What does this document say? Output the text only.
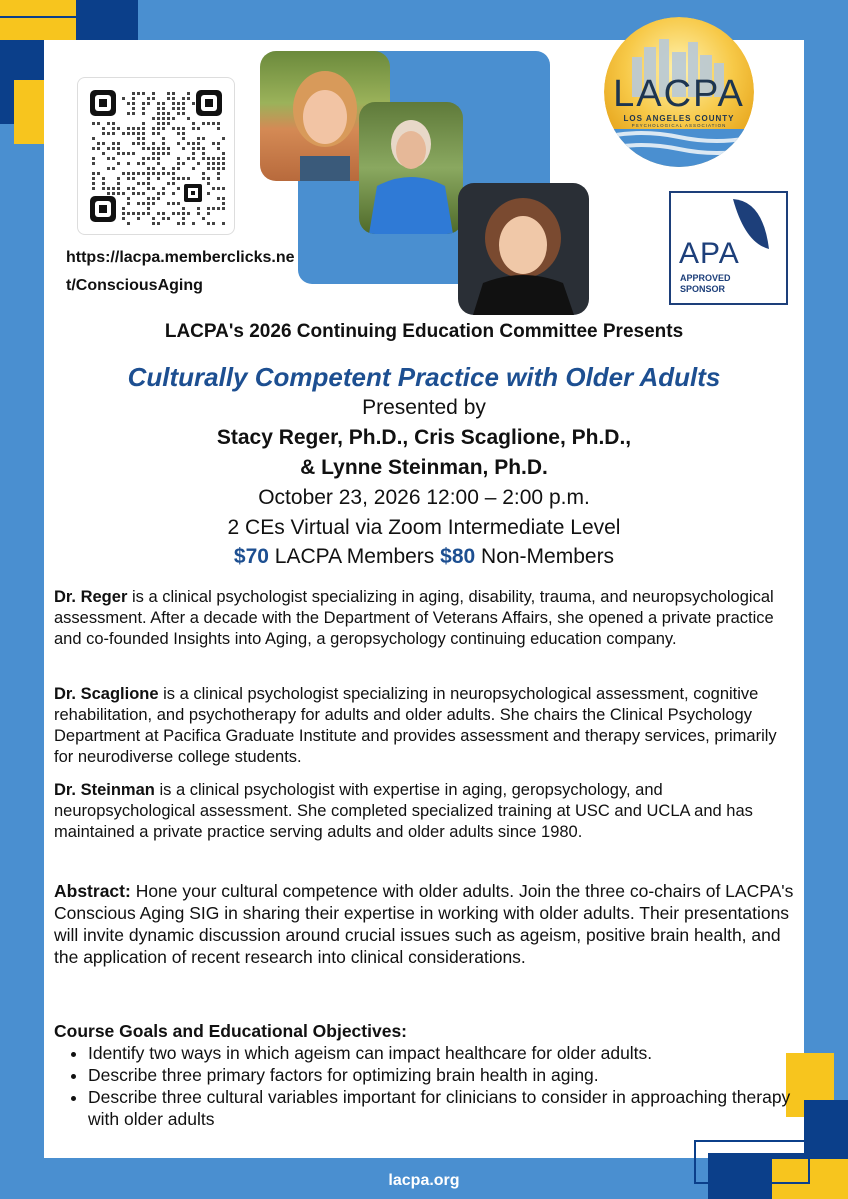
https://lacpa.memberclicks.net/ConsciousAging
LACPA
LOS ANGELES COUNTY
PSYCHOLOGICAL ASSOCIATION
APA
APPROVED
SPONSOR
LACPA's 2026 Continuing Education Committee Presents
Culturally Competent Practice with Older Adults
Presented by
Stacy Reger, Ph.D., Cris Scaglione, Ph.D.,
& Lynne Steinman, Ph.D.
October 23, 2026 12:00 – 2:00 p.m.
2 CEs Virtual via Zoom Intermediate Level
$70 LACPA Members $80 Non-Members
Dr. Reger is a clinical psychologist specializing in aging, disability, trauma, and neuropsychological assessment. After a decade with the Department of Veterans Affairs, she opened a private practice and co-founded Insights into Aging, a geropsychology continuing education company.
Dr. Scaglione is a clinical psychologist specializing in neuropsychological assessment, cognitive rehabilitation, and psychotherapy for adults and older adults. She chairs the Clinical Psychology Department at Pacifica Graduate Institute and provides assessment and therapy services, primarily for neurodiverse college students.
Dr. Steinman is a clinical psychologist with expertise in aging, geropsychology, and neuropsychological assessment. She completed specialized training at USC and UCLA and has maintained a private practice serving adults and older adults since 1980.
Abstract: Hone your cultural competence with older adults. Join the three co-chairs of LACPA's Conscious Aging SIG in sharing their expertise in working with older adults. Their presentations will invite dynamic discussion around crucial issues such as ageism, positive brain health, and the application of recent research into clinical considerations.
Course Goals and Educational Objectives:
• Identify two ways in which ageism can impact healthcare for older adults.
• Describe three primary factors for optimizing brain health in aging.
• Describe three cultural variables important for clinicians to consider in approaching therapy with older adults
lacpa.org
